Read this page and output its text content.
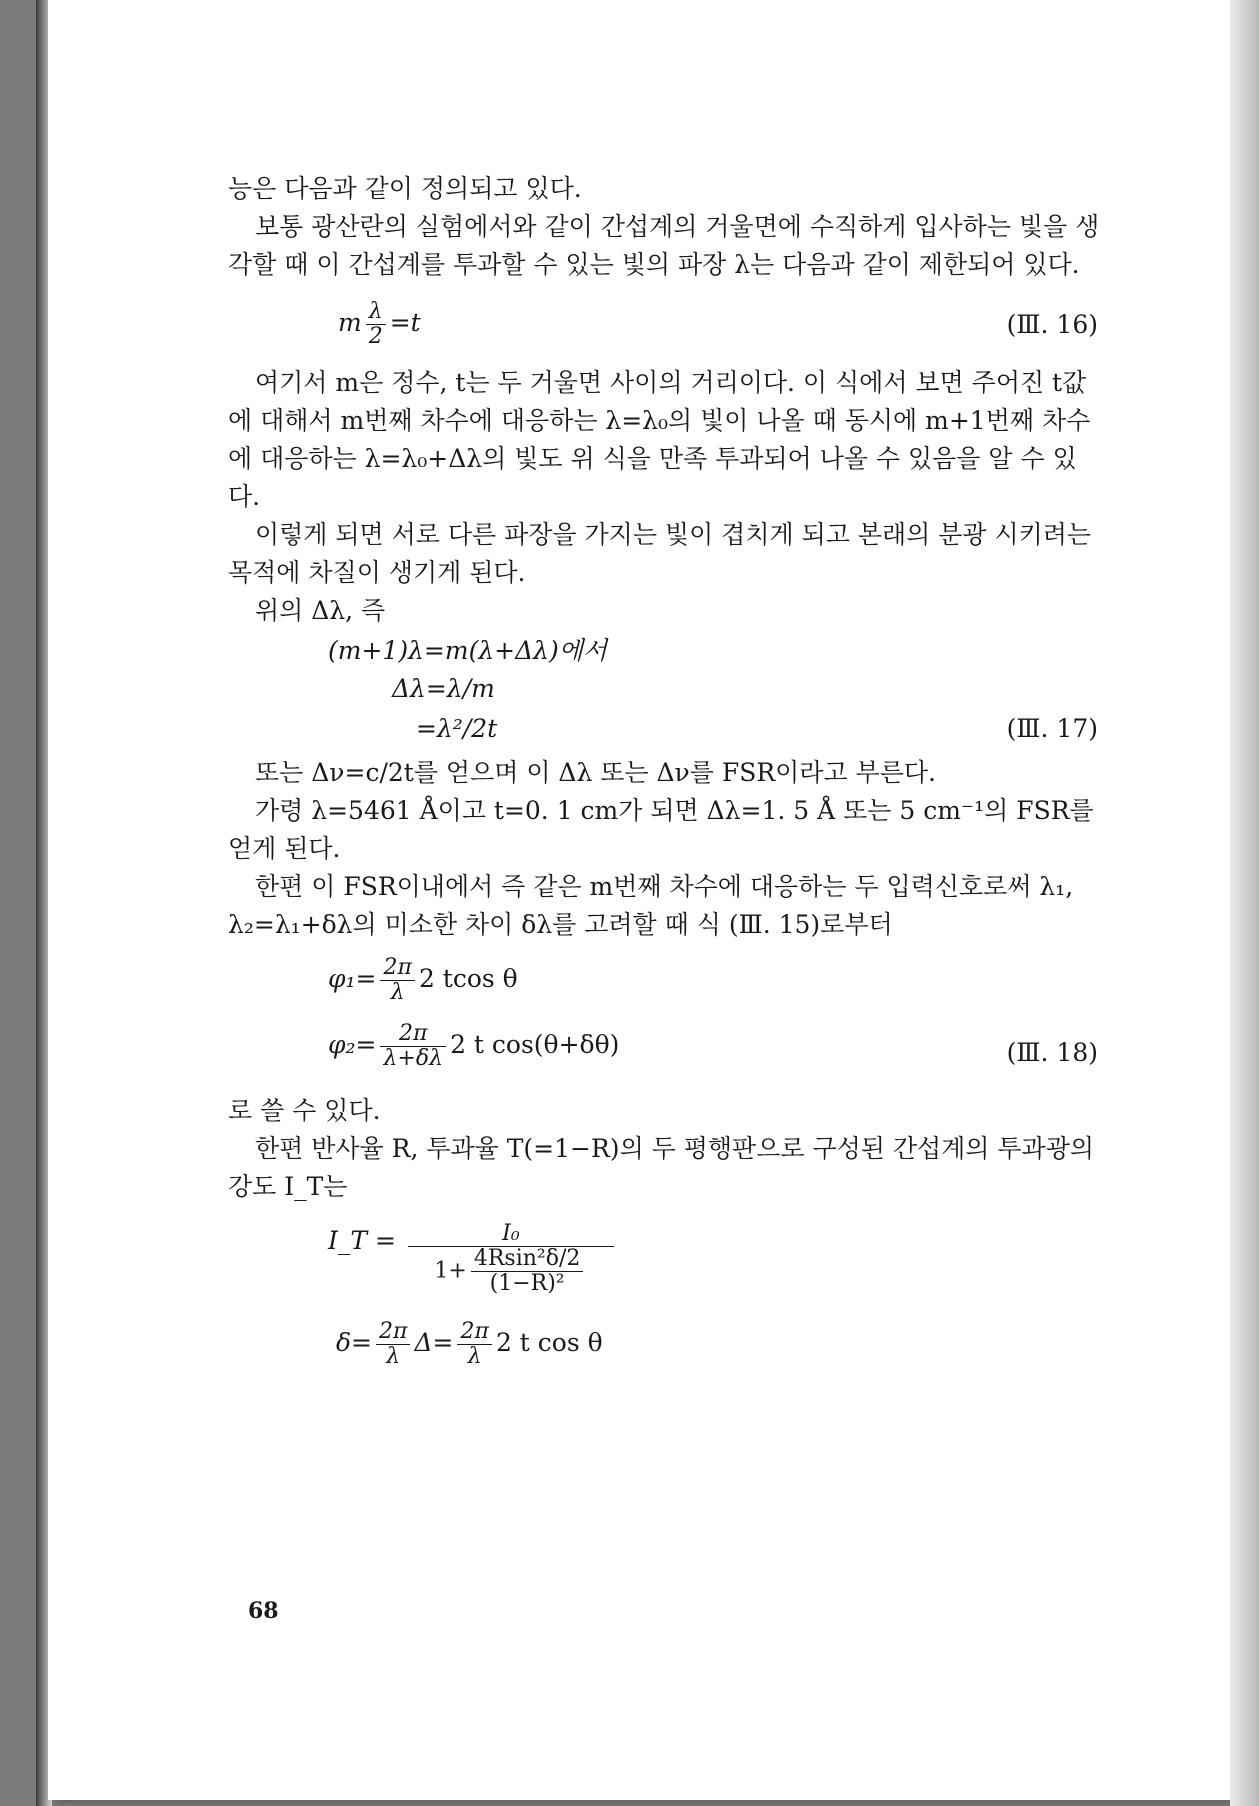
능은 다음과 같이 정의되고 있다.

보통 광산란의 실험에서와 같이 간섭계의 거울면에 수직하게 입사하는 빛을 생각할 때 이 간섭계를 투과할 수 있는 빛의 파장 λ는 다음과 같이 제한되어 있다.

m $\frac{\lambda}{2} =t$	(Ⅲ. 16)

여기서 m은 정수, t는 두 거울면 사이의 거리이다. 이 식에서 보면 주어진 t값에 대해서 m번째 차수에 대응하는 λ=λ₀의 빛이 나올 때 동시에 m+1번째 차수에 대응하는 λ=λ₀+Δλ의 빛도 위 식을 만족 투과되어 나올 수 있음을 알 수 있다.

이렇게 되면 서로 다른 파장을 가지는 빛이 겹치게 되고 본래의 분광 시키려는 목적에 차질이 생기게 된다.

위의 Δλ, 즉

(m+1)λ=m(λ+Δλ)에서
Δλ=λ/m
=λ²/2t	(Ⅲ. 17)

또는 Δν=c/2t를 얻으며 이 Δλ 또는 Δν를 FSR이라고 부른다.

가령 λ=5461 Å이고 t=0. 1 cm가 되면 Δλ=1. 5 Å 또는 5 cm⁻¹의 FSR를 얻게 된다.

한편 이 FSR이내에서 즉 같은 m번째 차수에 대응하는 두 입력신호로써 λ₁, λ₂=λ₁+δλ의 미소한 차이 δλ를 고려할 때 식 (Ⅲ. 15)로부터

$\varphi_1= \frac{2\pi}{\lambda} 2$ tcos θ
$\varphi_2= \frac{2\pi}{\lambda+\delta\lambda} 2$ t cos(θ+δθ)	(Ⅲ. 18)

로 쓸 수 있다.

한편 반사율 R, 투과율 T(=1−R)의 두 평행판으로 구성된 간섭계의 투과광의 강도 I_T는

I_T = $\frac{\text{I₀}}{1+ \frac{\text{4Rsin²δ/2}}{\text{(1−R)²}}}$
$\delta= \frac{2\pi}{\lambda} \Delta= \frac{2\pi}{\lambda} 2$ t cos θ
68
